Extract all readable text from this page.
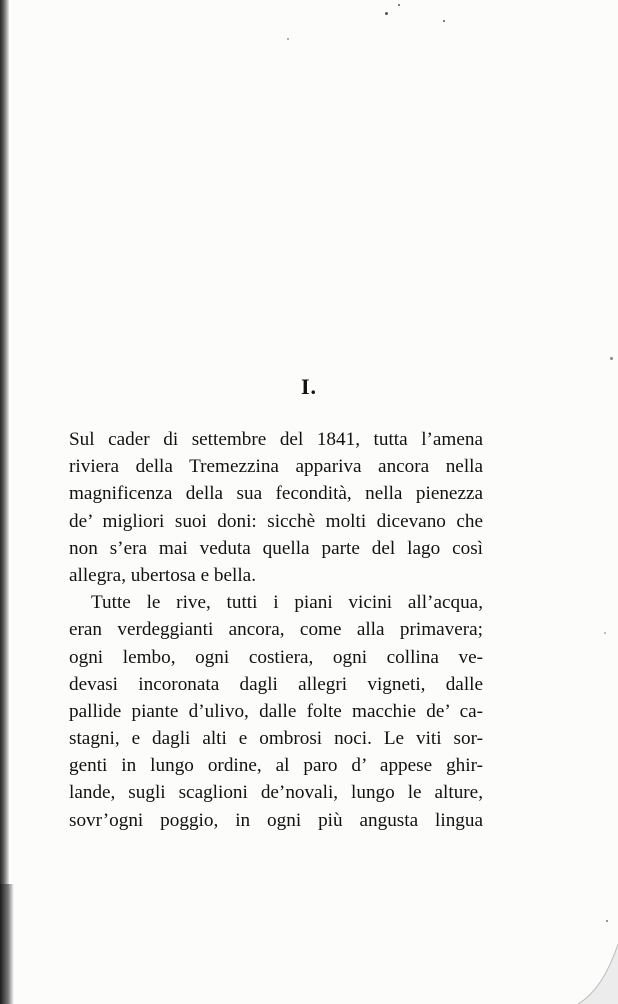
I.
Sul cader di settembre del 1841, tutta l’amena
riviera della Tremezzina appariva ancora nella
magnificenza della sua fecondità, nella pienezza
de’ migliori suoi doni: sicchè molti dicevano che
non s’era mai veduta quella parte del lago così
allegra, ubertosa e bella.
Tutte le rive, tutti i piani vicini all’acqua,
eran verdeggianti ancora, come alla primavera;
ogni lembo, ogni costiera, ogni collina ve-
devasi incoronata dagli allegri vigneti, dalle
pallide piante d’ulivo, dalle folte macchie de’ ca-
stagni, e dagli alti e ombrosi noci. Le viti sor-
genti in lungo ordine, al paro d’ appese ghir-
lande, sugli scaglioni de’novali, lungo le alture,
sovr’ogni poggio, in ogni più angusta lingua
